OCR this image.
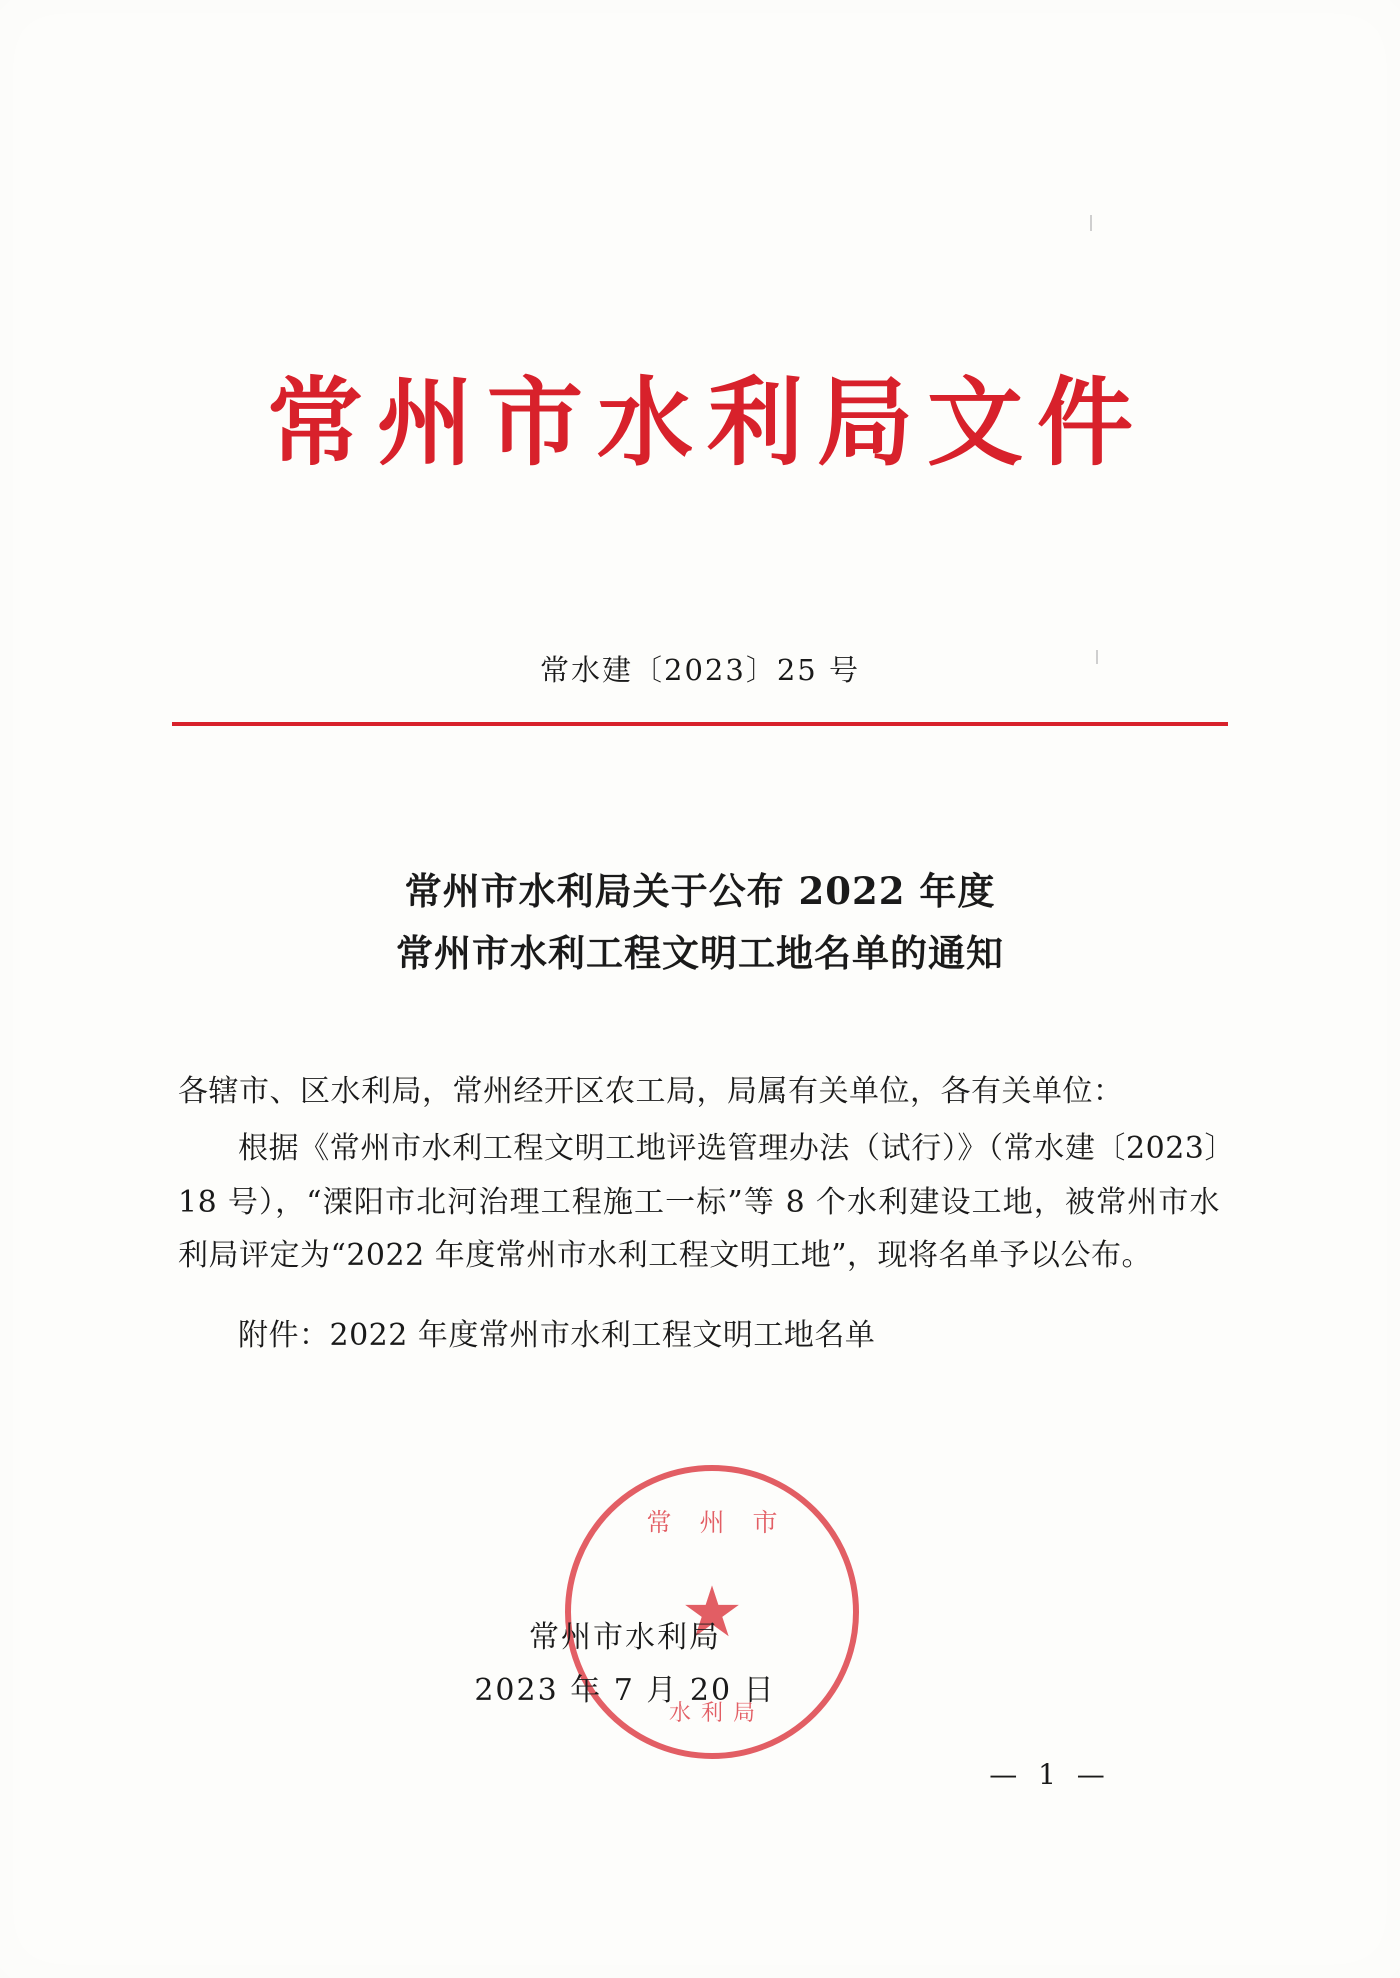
常州市水利局文件
常水建〔2023〕25 号
常州市水利局关于公布 2022 年度
常州市水利工程文明工地名单的通知

各辖市、区水利局，常州经开区农工局，局属有关单位，各有关单位：

根据《常州市水利工程文明工地评选管理办法（试行）》（常水建〔2023〕18 号），“溧阳市北河治理工程施工一标”等 8 个水利建设工地，被常州市水利局评定为“2022 年度常州市水利工程文明工地”，现将名单予以公布。

附件：2022 年度常州市水利工程文明工地名单

常州市
★
水利局
常州市水利局
2023 年 7 月 20 日
— 1 —
